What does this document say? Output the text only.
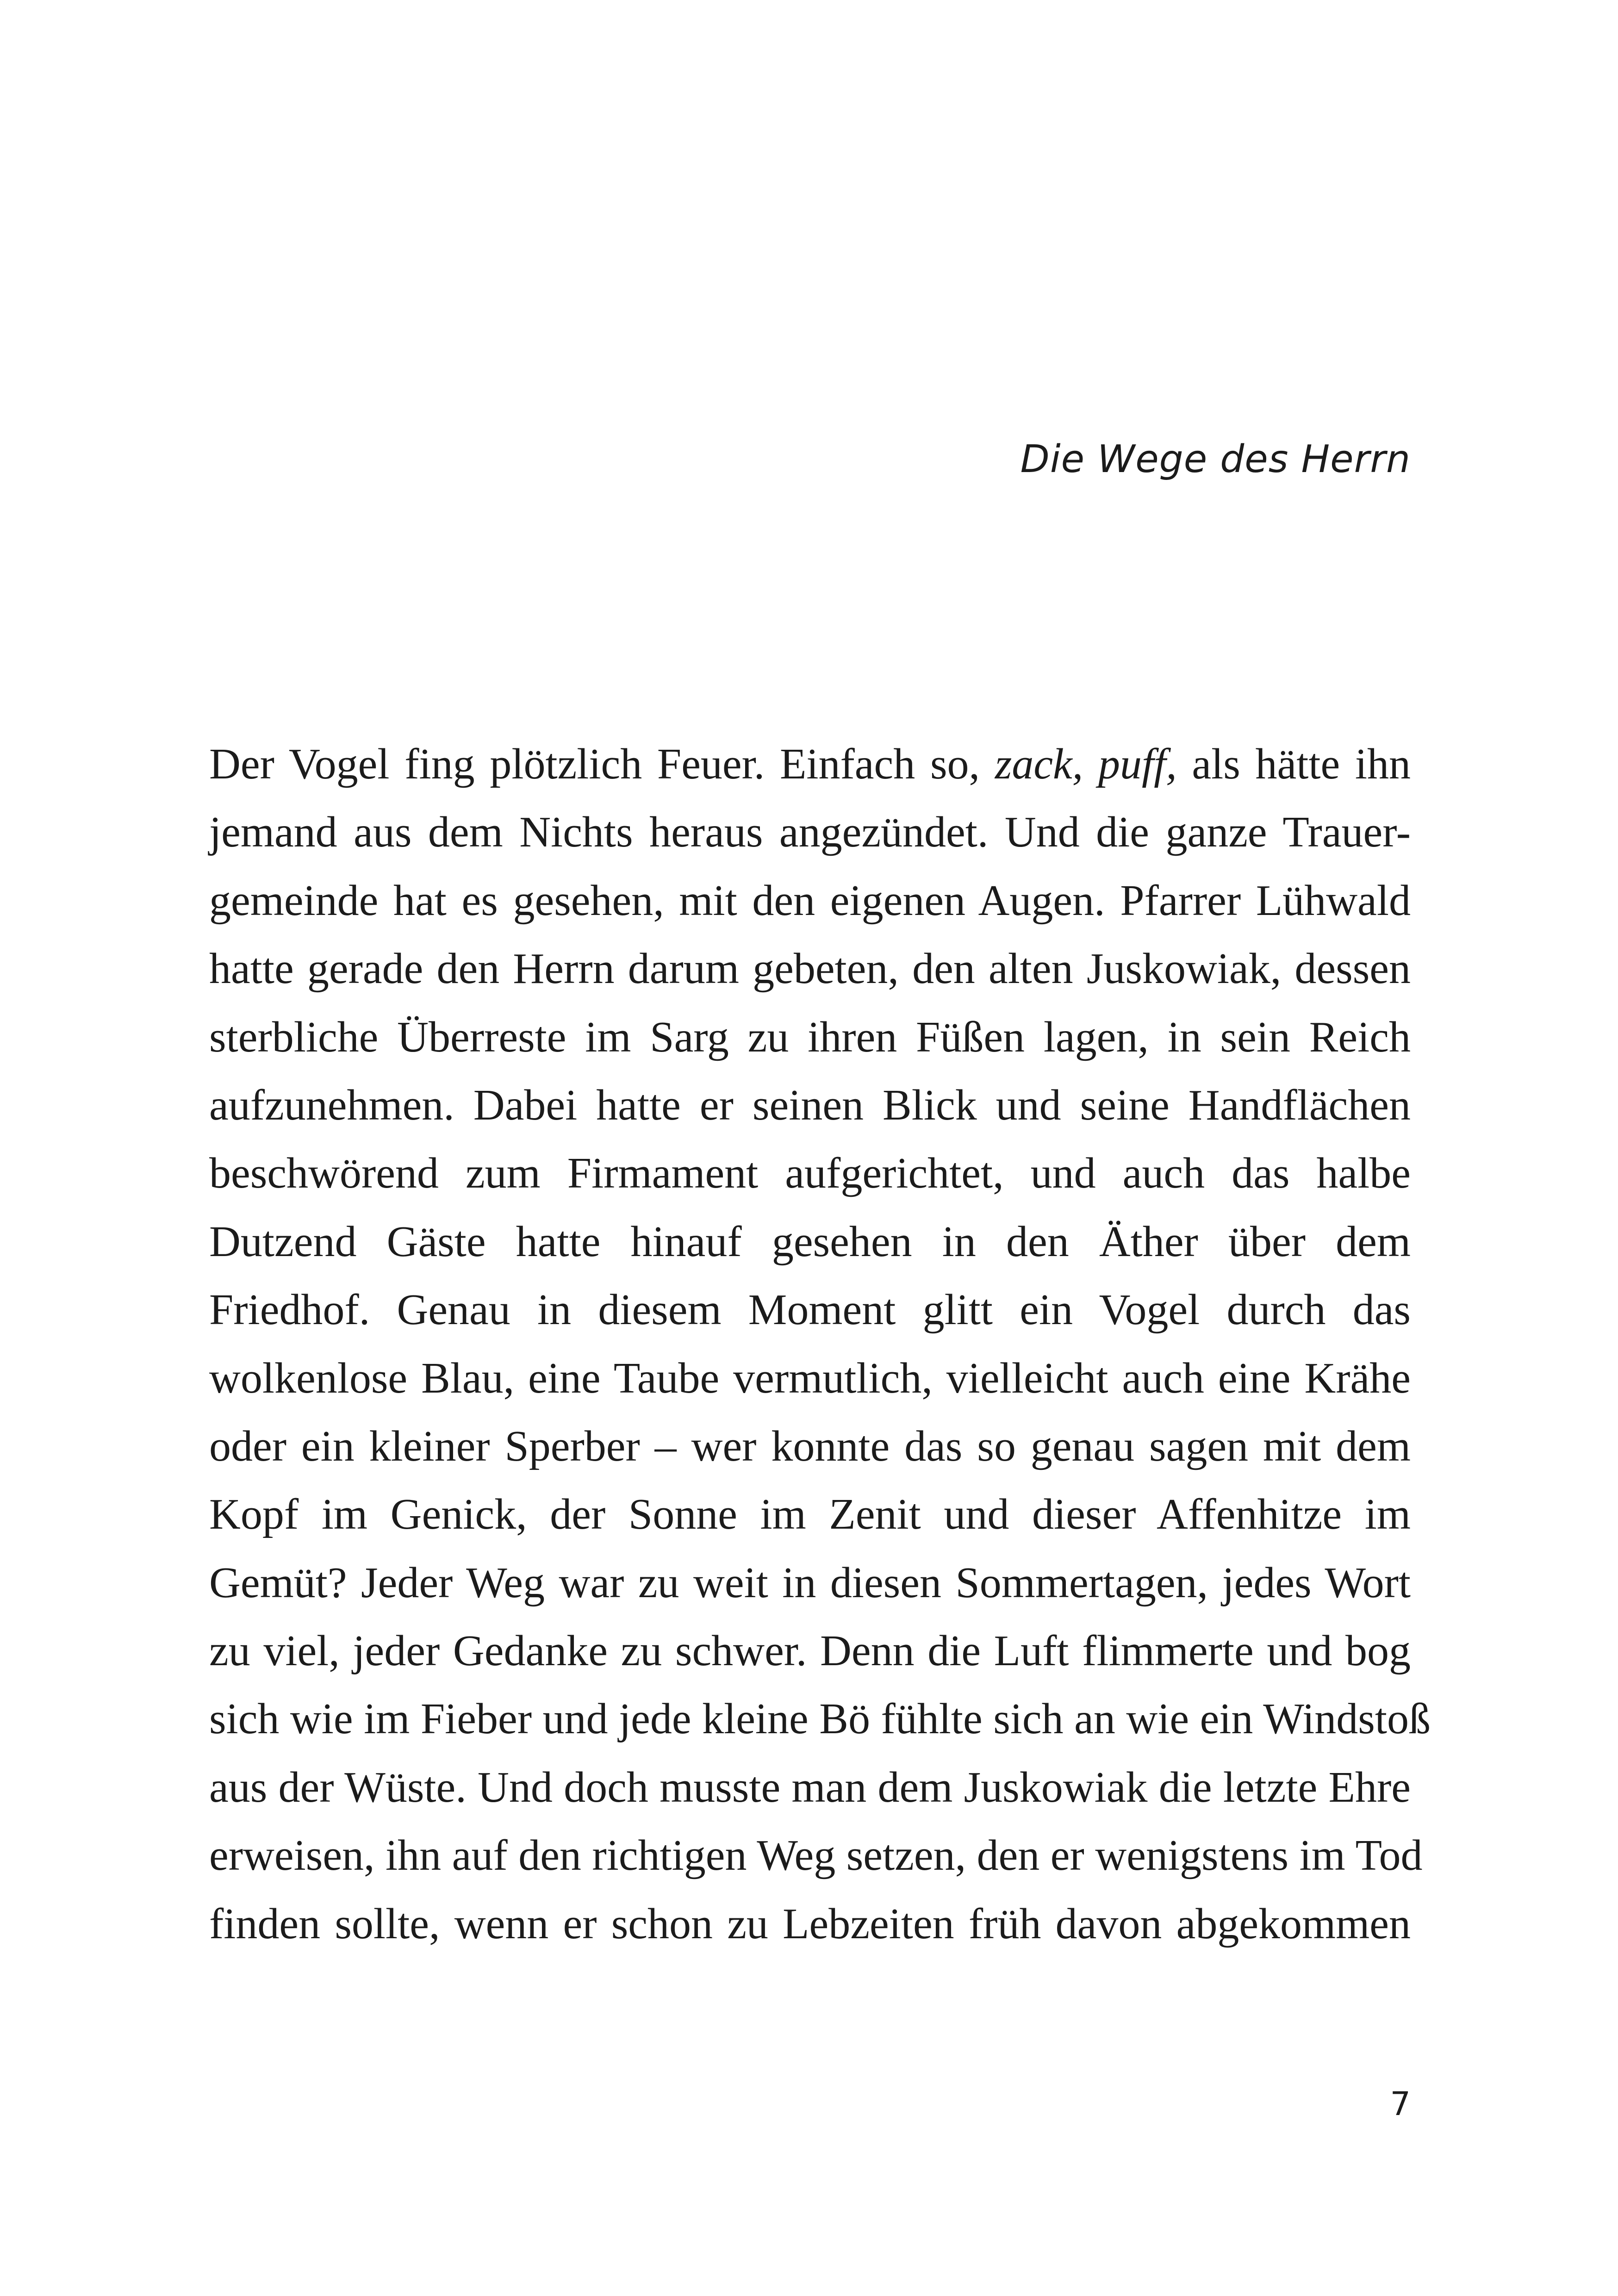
Die Wege des Herrn
Der Vogel fing plötzlich Feuer. Einfach so, zack, puff, als hätte ihn
jemand aus dem Nichts heraus angezündet. Und die ganze Trauer-
gemeinde hat es gesehen, mit den eigenen Augen. Pfarrer Lühwald
hatte gerade den Herrn darum gebeten, den alten Juskowiak, dessen
sterbliche Überreste im Sarg zu ihren Füßen lagen, in sein Reich
aufzunehmen. Dabei hatte er seinen Blick und seine Handflächen
beschwörend zum Firmament aufgerichtet, und auch das halbe
Dutzend Gäste hatte hinauf gesehen in den Äther über dem
Friedhof. Genau in diesem Moment glitt ein Vogel durch das
wolkenlose Blau, eine Taube vermutlich, vielleicht auch eine Krähe
oder ein kleiner Sperber – wer konnte das so genau sagen mit dem
Kopf im Genick, der Sonne im Zenit und dieser Affenhitze im
Gemüt? Jeder Weg war zu weit in diesen Sommertagen, jedes Wort
zu viel, jeder Gedanke zu schwer. Denn die Luft flimmerte und bog
sich wie im Fieber und jede kleine Bö fühlte sich an wie ein Windstoß
aus der Wüste. Und doch musste man dem Juskowiak die letzte Ehre
erweisen, ihn auf den richtigen Weg setzen, den er wenigstens im Tod
finden sollte, wenn er schon zu Lebzeiten früh davon abgekommen

7
